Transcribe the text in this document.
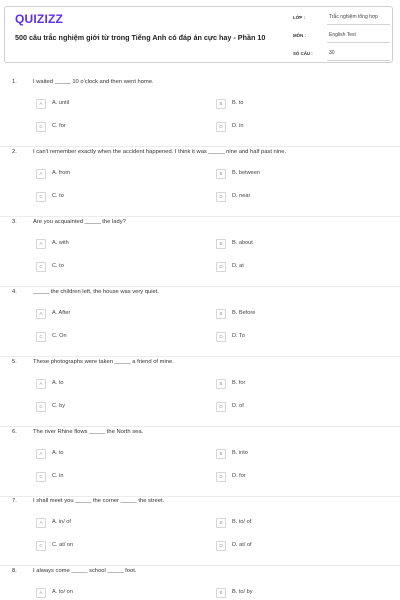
QUIZIZZ
500 câu trắc nghiệm giới từ trong Tiếng Anh có đáp án cực hay - Phần 10
LỚP :	Trắc nghiệm tổng hợp
MÔN :	English Test
SỐ CÂU :	30
1.	I waited _____ 10 o'clock and then went home.
A	A. until	B	B. to
C	C. for	D	D. in
2.	I can't remember exactly when the accident happened. I think it was _____ nine and half past nine.
A	A. from	B	B. between
C	C. to	D	D. near
3.	Are you acquainted _____ the lady?
A	A. with	B	B. about
C	C. to	D	D. at
4.	_____ the children left, the house was very quiet.
A	A. After	B	B. Before
C	C. On	D	D. To
5.	These photographs were taken _____ a friend of mine.
A	A. to	B	B. for
C	C. by	D	D. of
6.	The river Rhine flows _____ the North sea.
A	A. to	B	B. into
C	C. in	D	D. for
7.	I shall meet you _____ the corner _____ the street.
A	A. in/ of	B	B. to/ of
C	C. at/ on	D	D. at/ of
8.	I always come _____ school _____ foot.
A	A. to/ on	B	B. to/ by
